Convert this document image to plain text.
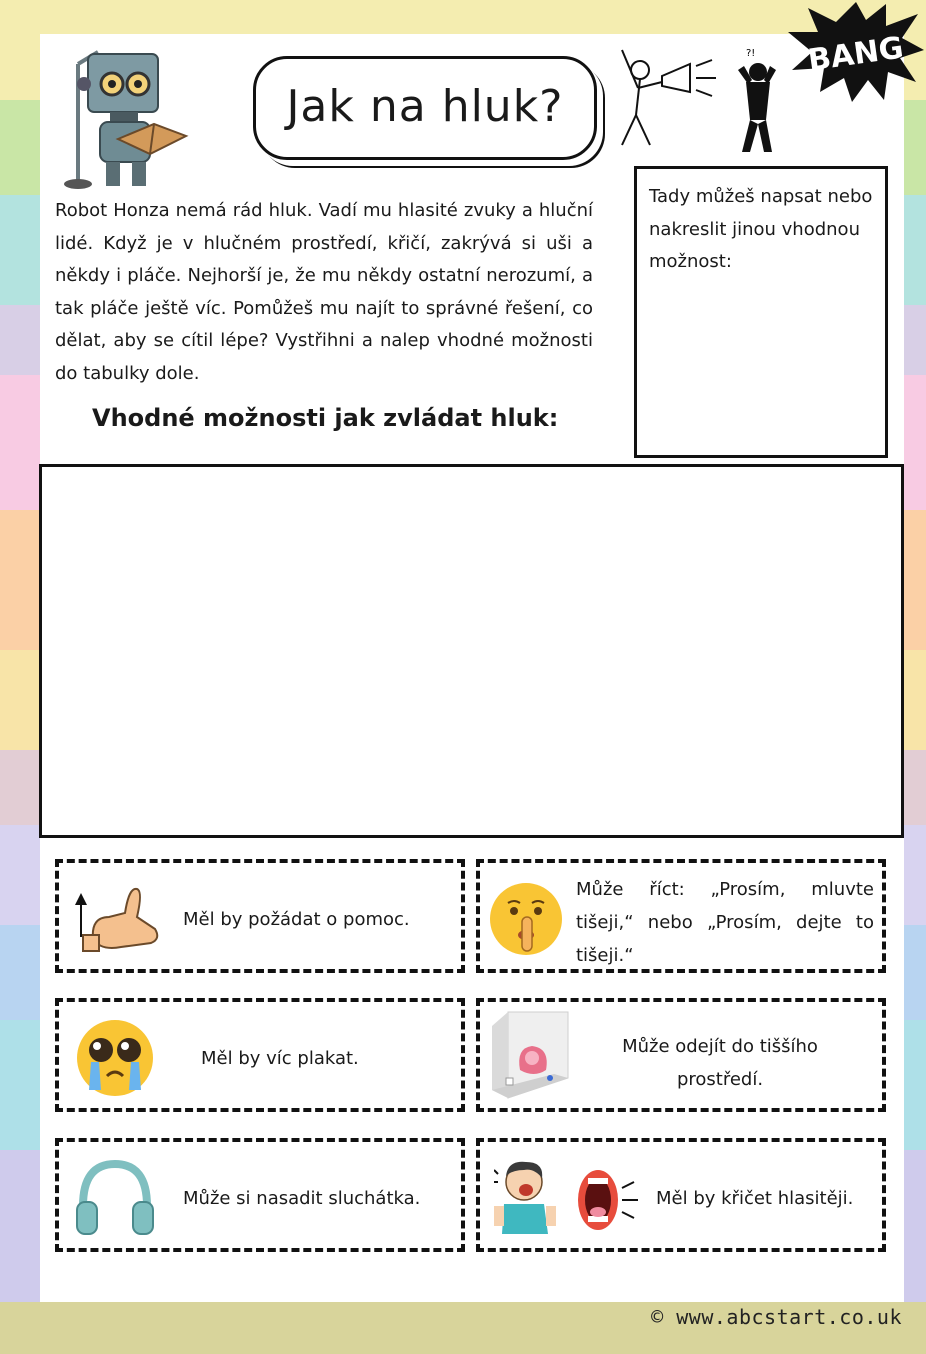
Jak na hluk?
?! BANG
Robot Honza nemá rád hluk. Vadí mu hlasité zvuky a hluční lidé. Když je v hlučném prostředí, křičí, zakrývá si uši a někdy i pláče. Nejhorší je, že mu někdy ostatní nerozumí, a tak pláče ještě víc. Pomůžeš mu najít to správné řešení, co dělat, aby se cítil lépe? Vystřihni a nalep vhodné možnosti do tabulky dole.
Vhodné možnosti jak zvládat hluk:
Tady můžeš napsat nebo nakreslit jinou vhodnou možnost:
Měl by požádat o pomoc.
Může říct: „Prosím, mluvte tišeji,“ nebo „Prosím, dejte to tišeji.“
Měl by víc plakat.
Může odejít do tiššího prostředí.
Může si nasadit sluchátka.	Měl by křičet hlasitěji.
© www.abcstart.co.uk
